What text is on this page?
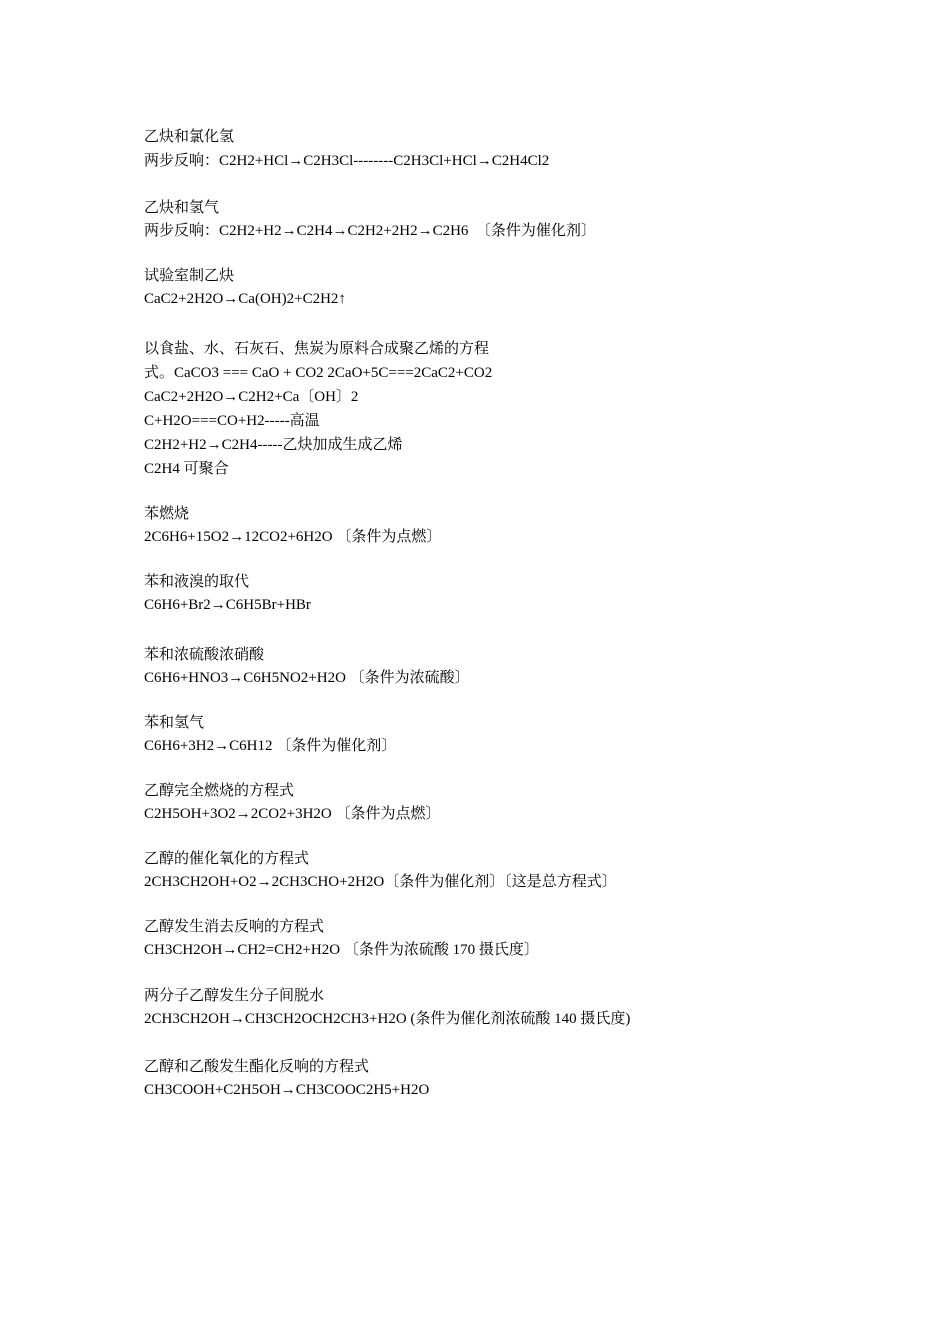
乙炔和氯化氢
两步反响：C2H2+HCl→C2H3Cl--------C2H3Cl+HCl→C2H4Cl2
乙炔和氢气
两步反响：C2H2+H2→C2H4→C2H2+2H2→C2H6　〔条件为催化剂〕
试验室制乙炔
CaC2+2H2O→Ca(OH)2+C2H2↑
以食盐、水、石灰石、焦炭为原料合成聚乙烯的方程
式。CaCO3 === CaO + CO2 2CaO+5C===2CaC2+CO2
CaC2+2H2O→C2H2+Ca〔OH〕2
C+H2O===CO+H2-----高温
C2H2+H2→C2H4-----乙炔加成生成乙烯
C2H4 可聚合
苯燃烧
2C6H6+15O2→12CO2+6H2O 〔条件为点燃〕
苯和液溴的取代
C6H6+Br2→C6H5Br+HBr
苯和浓硫酸浓硝酸
C6H6+HNO3→C6H5NO2+H2O 〔条件为浓硫酸〕
苯和氢气
C6H6+3H2→C6H12 〔条件为催化剂〕
乙醇完全燃烧的方程式
C2H5OH+3O2→2CO2+3H2O 〔条件为点燃〕
乙醇的催化氧化的方程式
2CH3CH2OH+O2→2CH3CHO+2H2O〔条件为催化剂〕〔这是总方程式〕
乙醇发生消去反响的方程式
CH3CH2OH→CH2=CH2+H2O 〔条件为浓硫酸 170 摄氏度〕
两分子乙醇发生分子间脱水
2CH3CH2OH→CH3CH2OCH2CH3+H2O (条件为催化剂浓硫酸 140 摄氏度)
乙醇和乙酸发生酯化反响的方程式
CH3COOH+C2H5OH→CH3COOC2H5+H2O
